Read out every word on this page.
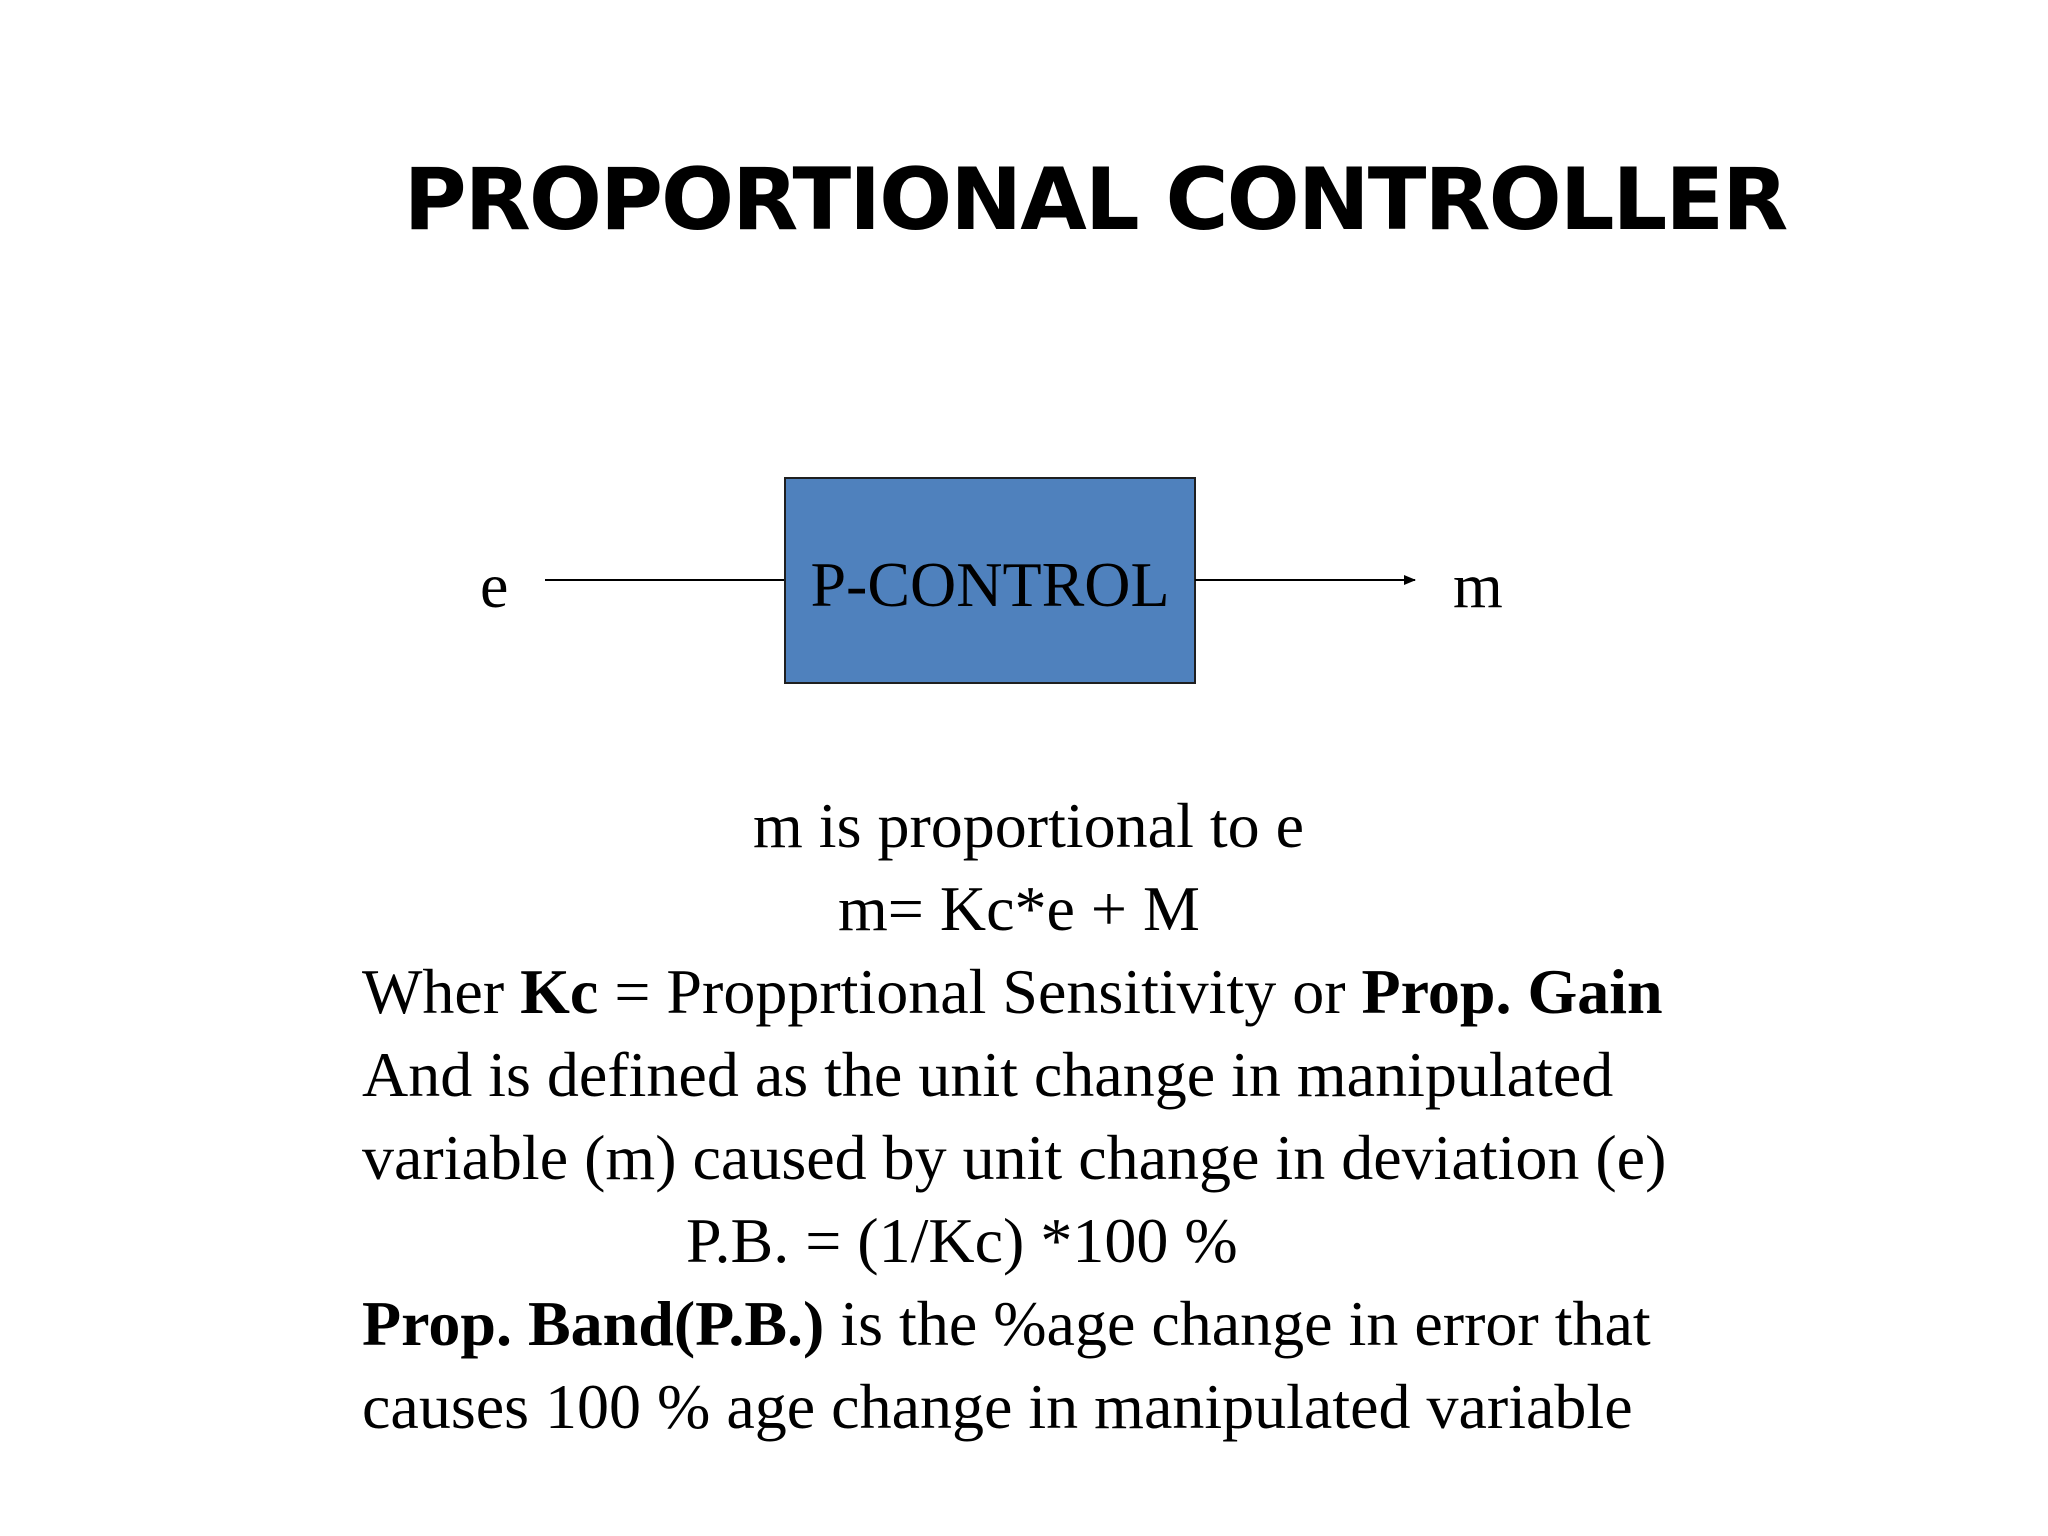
PROPORTIONAL CONTROLLER
e	P-CONTROL	m
m is proportional to e
m= Kc*e + M
Wher Kc = Propprtional Sensitivity or Prop. Gain
And is defined as the unit change in manipulated
variable (m) caused by unit change in deviation (e)
P.B. = (1/Kc) *100 %
Prop. Band(P.B.) is the %age change in error that
causes 100 % age change in manipulated variable
